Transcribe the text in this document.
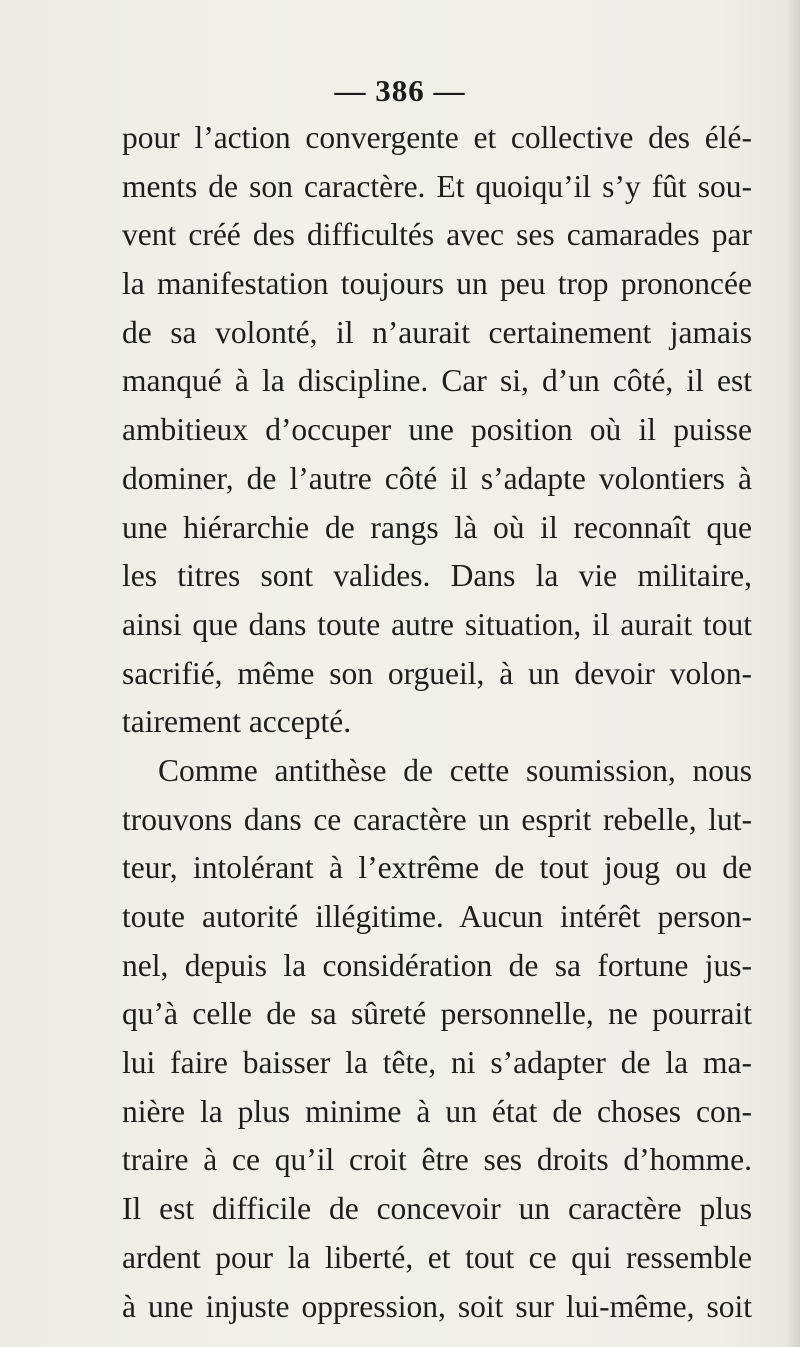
— 386 —
pour l’action convergente et collective des élé-
ments de son caractère. Et quoiqu’il s’y fût sou-
vent créé des difficultés avec ses camarades par
la manifestation toujours un peu trop prononcée
de sa volonté, il n’aurait certainement jamais
manqué à la discipline. Car si, d’un côté, il est
ambitieux d’occuper une position où il puisse
dominer, de l’autre côté il s’adapte volontiers à
une hiérarchie de rangs là où il reconnaît que
les titres sont valides. Dans la vie militaire,
ainsi que dans toute autre situation, il aurait tout
sacrifié, même son orgueil, à un devoir volon-
tairement accepté.
Comme antithèse de cette soumission, nous
trouvons dans ce caractère un esprit rebelle, lut-
teur, intolérant à l’extrême de tout joug ou de
toute autorité illégitime. Aucun intérêt person-
nel, depuis la considération de sa fortune jus-
qu’à celle de sa sûreté personnelle, ne pourrait
lui faire baisser la tête, ni s’adapter de la ma-
nière la plus minime à un état de choses con-
traire à ce qu’il croit être ses droits d’homme.
Il est difficile de concevoir un caractère plus
ardent pour la liberté, et tout ce qui ressemble
à une injuste oppression, soit sur lui-même, soit
